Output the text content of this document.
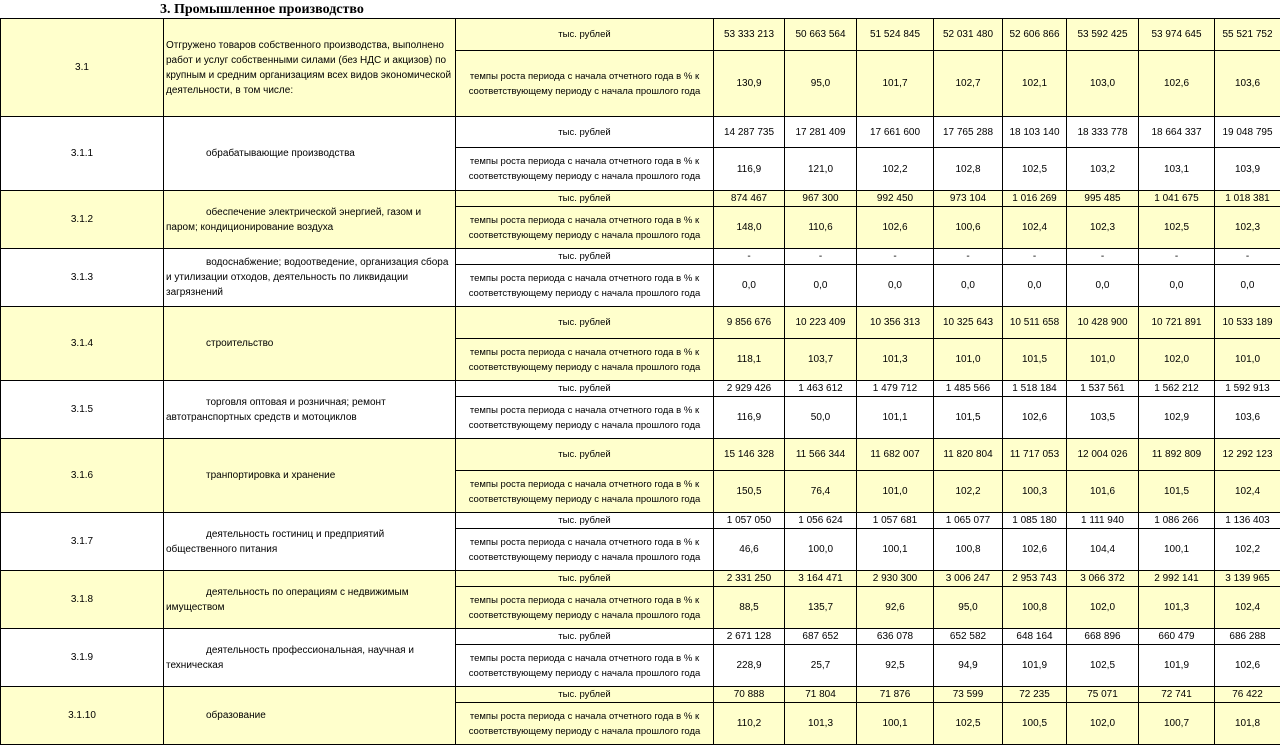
3. Промышленное производство
3.1	Отгружено товаров собственного производства, выполнено работ и услуг собственными силами (без НДС и акцизов) по крупным и средним организациям всех видов экономической деятельности, в том числе:	тыс. рублей	53 333 213	50 663 564	51 524 845	52 031 480	52 606 866	53 592 425	53 974 645	55 521 752
		темпы роста периода с начала отчетного года в % к соответствующему периоду с начала прошлого года	130,9	95,0	101,7	102,7	102,1	103,0	102,6	103,6
3.1.1	обрабатывающие производства	тыс. рублей	14 287 735	17 281 409	17 661 600	17 765 288	18 103 140	18 333 778	18 664 337	19 048 795
		темпы роста периода с начала отчетного года в % к соответствующему периоду с начала прошлого года	116,9	121,0	102,2	102,8	102,5	103,2	103,1	103,9
3.1.2	обеспечение электрической энергией, газом и паром; кондиционирование воздуха	тыс. рублей	874 467	967 300	992 450	973 104	1 016 269	995 485	1 041 675	1 018 381
		темпы роста периода с начала отчетного года в % к соответствующему периоду с начала прошлого года	148,0	110,6	102,6	100,6	102,4	102,3	102,5	102,3
3.1.3	водоснабжение; водоотведение, организация сбора и утилизации отходов, деятельность по ликвидации загрязнений	тыс. рублей	-	-	-	-	-	-	-	-
		темпы роста периода с начала отчетного года в % к соответствующему периоду с начала прошлого года	0,0	0,0	0,0	0,0	0,0	0,0	0,0	0,0
3.1.4	строительство	тыс. рублей	9 856 676	10 223 409	10 356 313	10 325 643	10 511 658	10 428 900	10 721 891	10 533 189
		темпы роста периода с начала отчетного года в % к соответствующему периоду с начала прошлого года	118,1	103,7	101,3	101,0	101,5	101,0	102,0	101,0
3.1.5	торговля оптовая и розничная; ремонт автотранспортных средств и мотоциклов	тыс. рублей	2 929 426	1 463 612	1 479 712	1 485 566	1 518 184	1 537 561	1 562 212	1 592 913
		темпы роста периода с начала отчетного года в % к соответствующему периоду с начала прошлого года	116,9	50,0	101,1	101,5	102,6	103,5	102,9	103,6
3.1.6	транпортировка и хранение	тыс. рублей	15 146 328	11 566 344	11 682 007	11 820 804	11 717 053	12 004 026	11 892 809	12 292 123
		темпы роста периода с начала отчетного года в % к соответствующему периоду с начала прошлого года	150,5	76,4	101,0	102,2	100,3	101,6	101,5	102,4
3.1.7	деятельность гостиниц и предприятий общественного питания	тыс. рублей	1 057 050	1 056 624	1 057 681	1 065 077	1 085 180	1 111 940	1 086 266	1 136 403
		темпы роста периода с начала отчетного года в % к соответствующему периоду с начала прошлого года	46,6	100,0	100,1	100,8	102,6	104,4	100,1	102,2
3.1.8	деятельность по операциям с недвижимым имуществом	тыс. рублей	2 331 250	3 164 471	2 930 300	3 006 247	2 953 743	3 066 372	2 992 141	3 139 965
		темпы роста периода с начала отчетного года в % к соответствующему периоду с начала прошлого года	88,5	135,7	92,6	95,0	100,8	102,0	101,3	102,4
3.1.9	деятельность профессиональная, научная и техническая	тыс. рублей	2 671 128	687 652	636 078	652 582	648 164	668 896	660 479	686 288
		темпы роста периода с начала отчетного года в % к соответствующему периоду с начала прошлого года	228,9	25,7	92,5	94,9	101,9	102,5	101,9	102,6
3.1.10	образование	тыс. рублей	70 888	71 804	71 876	73 599	72 235	75 071	72 741	76 422
		темпы роста периода с начала отчетного года в % к соответствующему периоду с начала прошлого года	110,2	101,3	100,1	102,5	100,5	102,0	100,7	101,8
